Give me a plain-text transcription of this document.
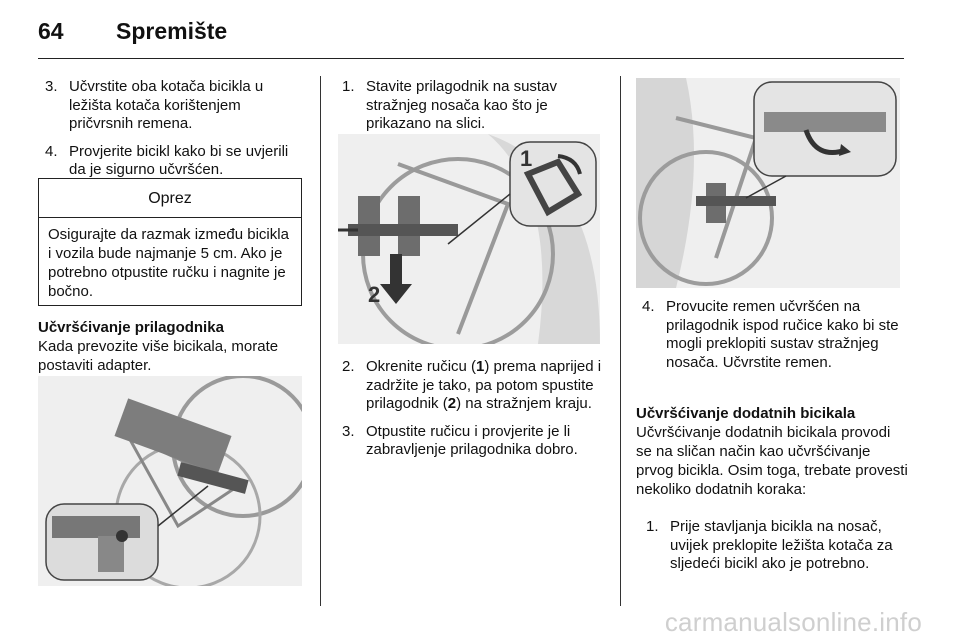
64 Spremište
3. Učvrstite oba kotača bicikla u ležišta kotača korištenjem pričvrsnih remena.
4. Provjerite bicikl kako bi se uvjerili da je sigurno učvršćen.
Oprez
Osigurajte da razmak između bicikla i vozila bude najmanje 5 cm. Ako je potrebno otpustite ručku i nagnite je bočno.
Učvršćivanje prilagodnika
Kada prevozite više bicikala, morate postaviti adapter.
1. Stavite prilagodnik na sustav stražnjeg nosača kao što je prikazano na slici.
1
2
2. Okrenite ručicu (1) prema naprijed i zadržite je tako, pa potom spustite prilagodnik (2) na stražnjem kraju.
3. Otpustite ručicu i provjerite je li zabravljenje prilagodnika dobro.
4. Provucite remen učvršćen na prilagodnik ispod ručice kako bi ste mogli preklopiti sustav stražnjeg nosača. Učvrstite remen.
Učvršćivanje dodatnih bicikala
Učvršćivanje dodatnih bicikala provodi se na sličan način kao učvršćivanje prvog bicikla. Osim toga, trebate provesti nekoliko dodatnih koraka:
1. Prije stavljanja bicikla na nosač, uvijek preklopite ležišta kotača za sljedeći bicikl ako je potrebno.
carmanualsonline.info
